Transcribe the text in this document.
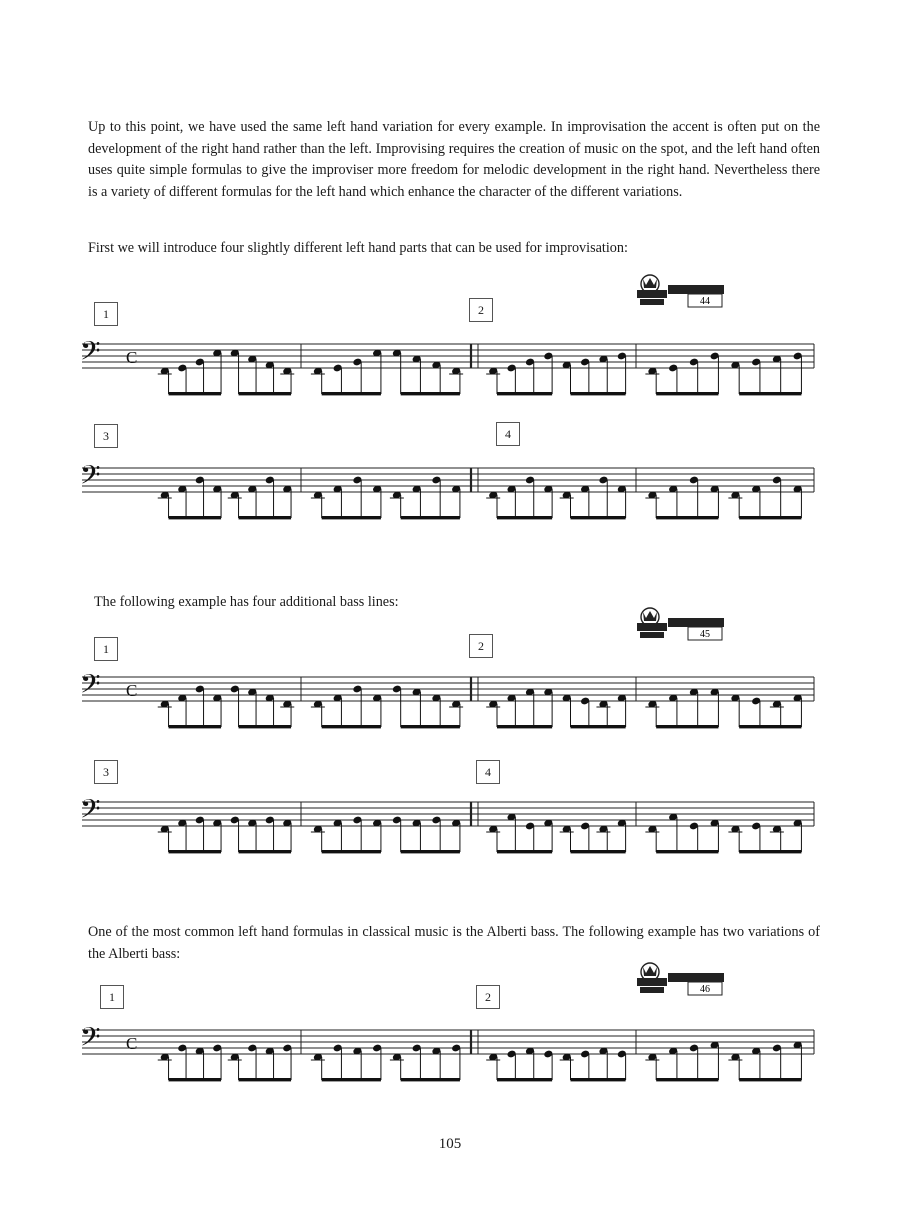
Up to this point, we have used the same left hand variation for every example. In improvisation the accent is often put on the development of the right hand rather than the left. Improvising requires the creation of music on the spot, and the left hand often uses quite simple formulas to give the improviser more freedom for melodic development in the right hand. Nevertheless there is a variety of different formulas for the left hand which enhance the character of the different variations.

First we will introduce four slightly different left hand parts that can be used for improvisation:

The following example has four additional bass lines:

One of the most common left hand formulas in classical music is the Alberti bass. The following example has two variations of the Alberti bass:

1	2
3	4
1	2
3	4
1	2
44
45
46
𝄢 C
𝄢
𝄢 C
𝄢
𝄢 C
105
